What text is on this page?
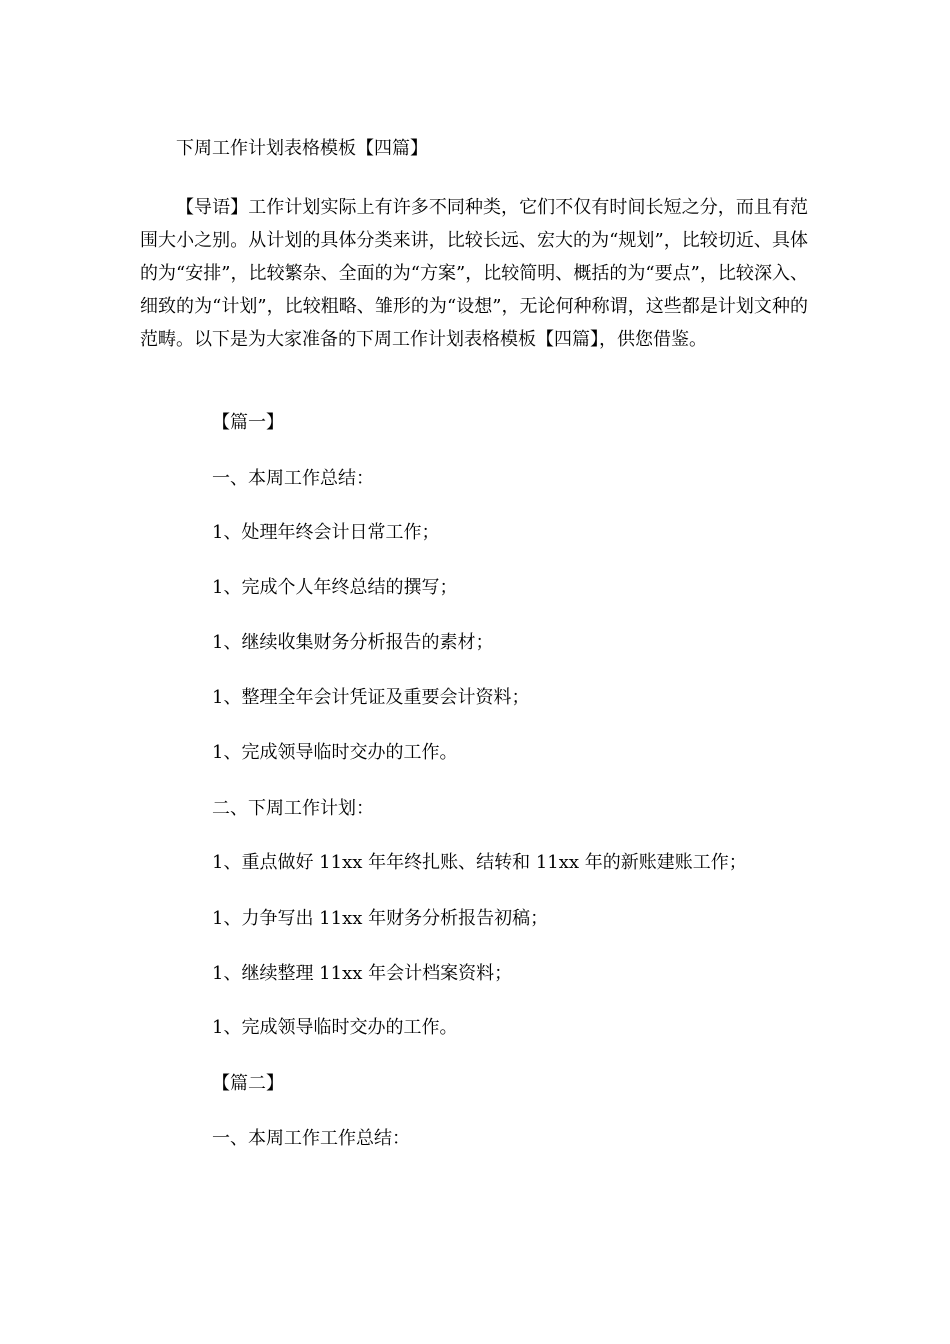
下周工作计划表格模板【四篇】

【导语】工作计划实际上有许多不同种类，它们不仅有时间长短之分，而且有范围大小之别。从计划的具体分类来讲，比较长远、宏大的为“规划”，比较切近、具体的为“安排”，比较繁杂、全面的为“方案”，比较简明、概括的为“要点”，比较深入、细致的为“计划”，比较粗略、雏形的为“设想”，无论何种称谓，这些都是计划文种的范畴。以下是为大家准备的下周工作计划表格模板【四篇】，供您借鉴。

【篇一】

一、本周工作总结：

1、处理年终会计日常工作；

1、完成个人年终总结的撰写；

1、继续收集财务分析报告的素材；

1、整理全年会计凭证及重要会计资料；

1、完成领导临时交办的工作。

二、下周工作计划：

1、重点做好 11xx 年年终扎账、结转和 11xx 年的新账建账工作；

1、力争写出 11xx 年财务分析报告初稿；

1、继续整理 11xx 年会计档案资料；

1、完成领导临时交办的工作。

【篇二】

一、本周工作工作总结：
